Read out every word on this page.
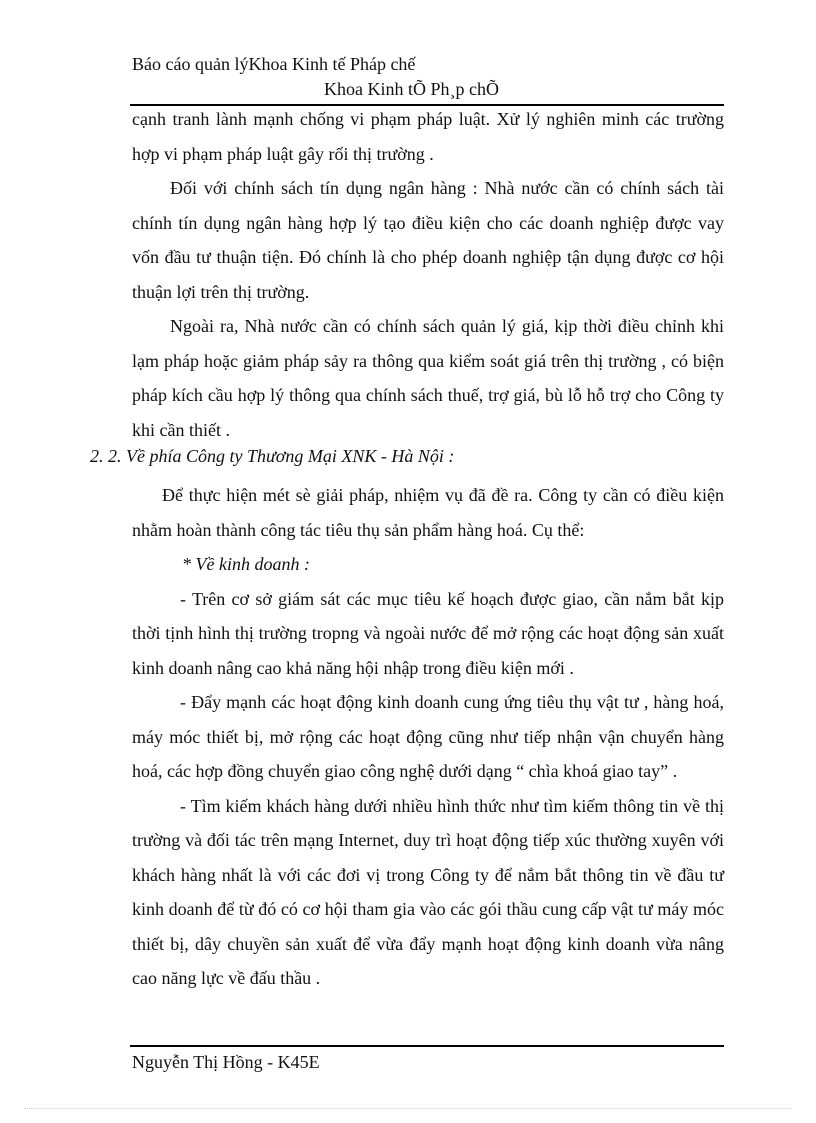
Báo cáo quản lýKhoa Kinh tế Pháp chế
Khoa Kinh tÕ Ph¸p chÕ

cạnh tranh lành mạnh chống vi phạm pháp luật. Xử lý nghiên minh các trường hợp vi phạm pháp luật gây rối thị trường .

Đối với chính sách tín dụng ngân hàng : Nhà nước cần có chính sách tài chính tín dụng ngân hàng hợp lý tạo điều kiện cho các doanh nghiệp được vay vốn đầu tư thuận tiện. Đó chính là cho phép doanh nghiệp tận dụng được cơ hội thuận lợi trên thị trường.

Ngoài ra, Nhà nước cần có chính sách quản lý giá, kịp thời điều chỉnh khi lạm pháp hoặc giảm pháp sảy ra thông qua kiểm soát giá trên thị trường , có biện pháp kích cầu hợp lý thông qua chính sách thuế, trợ giá, bù lỗ hỗ trợ cho Công ty khi cần thiết .

2. 2. Về phía Công ty Thương Mại XNK - Hà Nội :

Để thực hiện mét sè giải pháp, nhiệm vụ đã đề ra. Công ty cần có điều kiện nhằm hoàn thành công tác tiêu thụ sản phẩm hàng hoá. Cụ thể:

* Về kinh doanh :

- Trên cơ sở giám sát các mục tiêu kế hoạch được giao, cần nắm bắt kịp thời tịnh hình thị trường tropng và ngoài nước để mở rộng các hoạt động sản xuất kinh doanh nâng cao khả năng hội nhập trong điều kiện mới .

- Đẩy mạnh các hoạt động kinh doanh cung ứng tiêu thụ vật tư , hàng hoá, máy móc thiết bị, mở rộng các hoạt động cũng như tiếp nhận vận chuyển hàng hoá, các hợp đồng chuyển giao công nghệ dưới dạng “ chìa khoá giao tay” .

- Tìm kiếm khách hàng dưới nhiều hình thức như tìm kiếm thông tin về thị trường và đối tác trên mạng Internet, duy trì hoạt động tiếp xúc thường xuyên với khách hàng nhất là với các đơi vị trong Công ty để nắm bắt thông tin về đầu tư kinh doanh để từ đó có cơ hội tham gia vào các gói thầu cung cấp vật tư máy móc thiết bị, dây chuyền sản xuất để vừa đẩy mạnh hoạt động kinh doanh vừa nâng cao năng lực về đấu thầu .

Nguyễn Thị Hồng - K45E
